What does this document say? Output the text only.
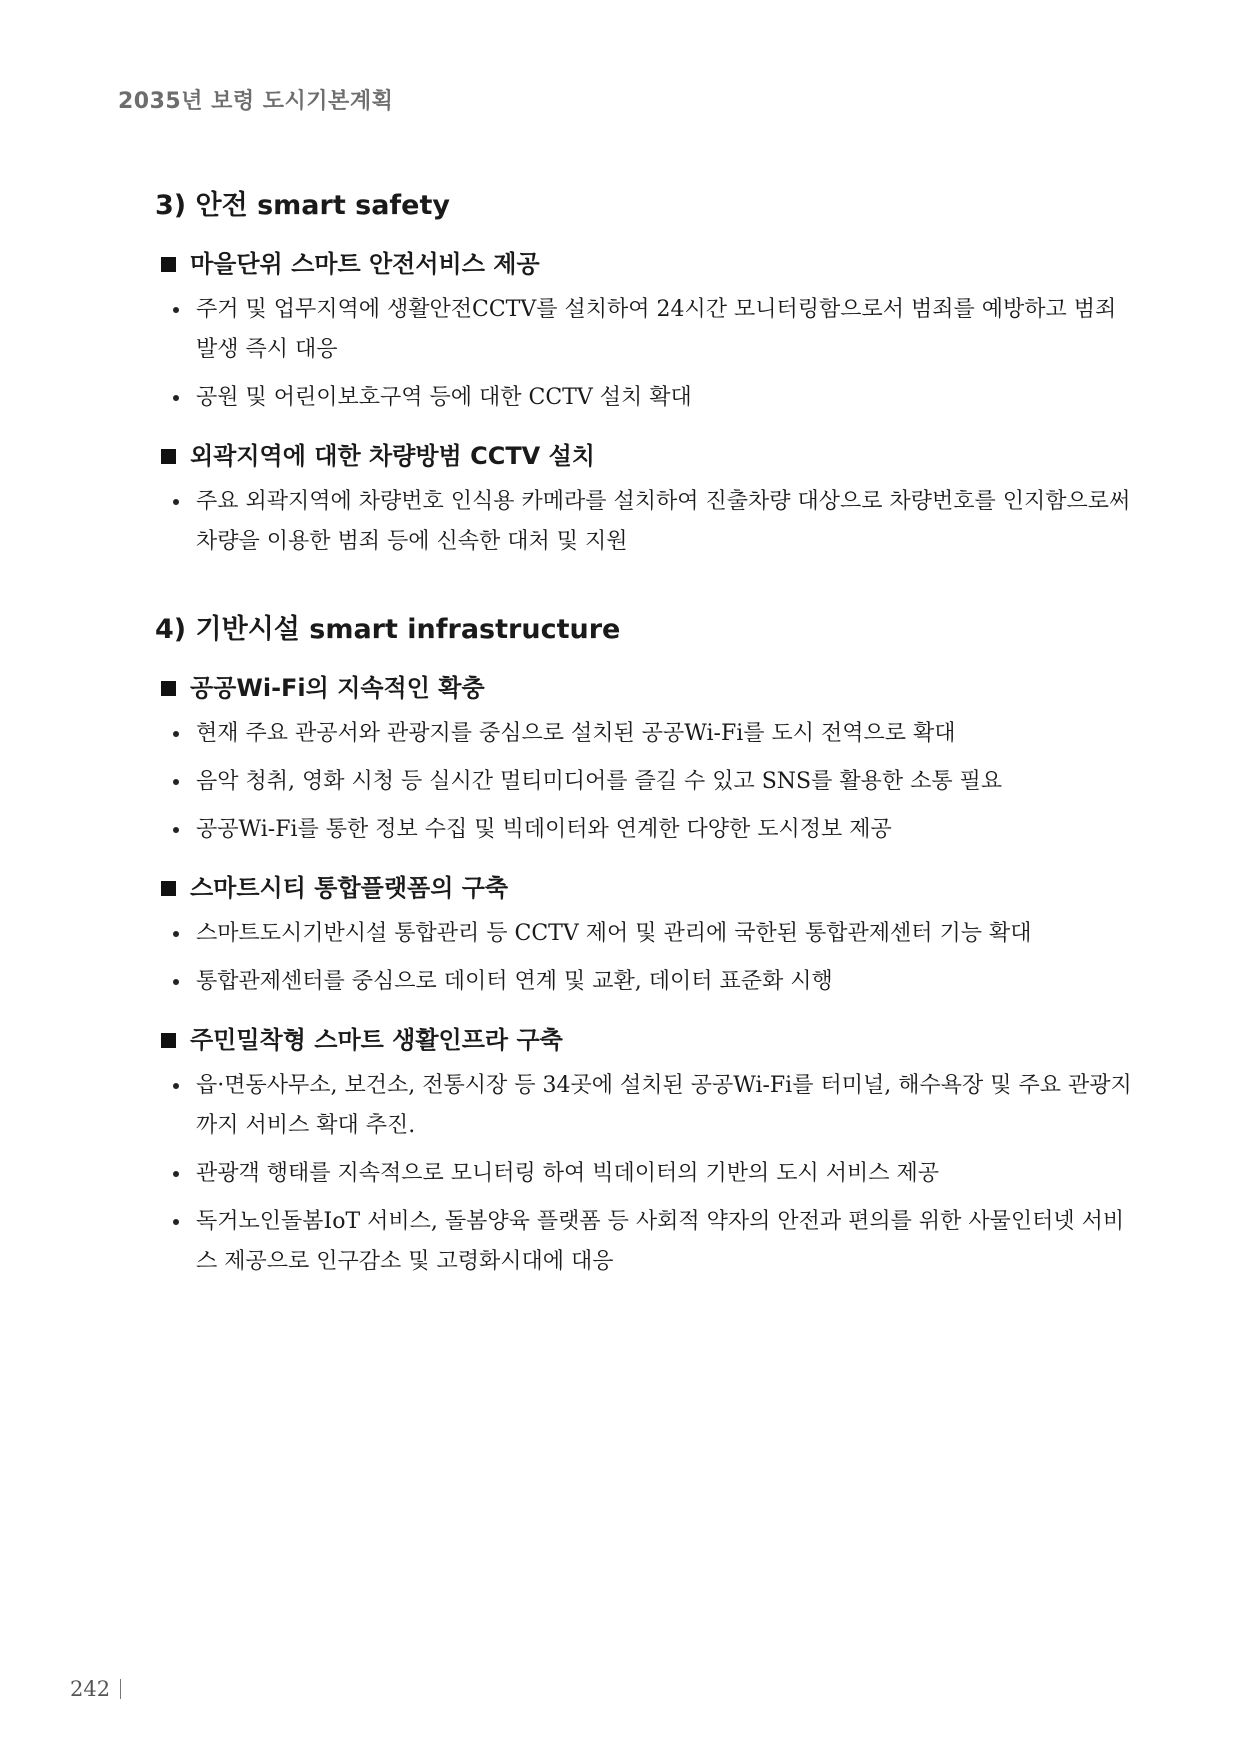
2035년 보령 도시기본계획
3) 안전 smart safety
마을단위 스마트 안전서비스 제공
주거 및 업무지역에 생활안전CCTV를 설치하여 24시간 모니터링함으로서 범죄를 예방하고 범죄발생 즉시 대응
공원 및 어린이보호구역 등에 대한 CCTV 설치 확대
외곽지역에 대한 차량방범 CCTV 설치
주요 외곽지역에 차량번호 인식용 카메라를 설치하여 진출차량 대상으로 차량번호를 인지함으로써 차량을 이용한 범죄 등에 신속한 대처 및 지원
4) 기반시설 smart infrastructure
공공Wi-Fi의 지속적인 확충
현재 주요 관공서와 관광지를 중심으로 설치된 공공Wi-Fi를 도시 전역으로 확대
음악 청취, 영화 시청 등 실시간 멀티미디어를 즐길 수 있고 SNS를 활용한 소통 필요
공공Wi-Fi를 통한 정보 수집 및 빅데이터와 연계한 다양한 도시정보 제공
스마트시티 통합플랫폼의 구축
스마트도시기반시설 통합관리 등 CCTV 제어 및 관리에 국한된 통합관제센터 기능 확대
통합관제센터를 중심으로 데이터 연계 및 교환, 데이터 표준화 시행
주민밀착형 스마트 생활인프라 구축
읍·면동사무소, 보건소, 전통시장 등 34곳에 설치된 공공Wi-Fi를 터미널, 해수욕장 및 주요 관광지까지 서비스 확대 추진.
관광객 행태를 지속적으로 모니터링 하여 빅데이터의 기반의 도시 서비스 제공
독거노인돌봄IoT 서비스, 돌봄양육 플랫폼 등 사회적 약자의 안전과 편의를 위한 사물인터넷 서비스 제공으로 인구감소 및 고령화시대에 대응
242
